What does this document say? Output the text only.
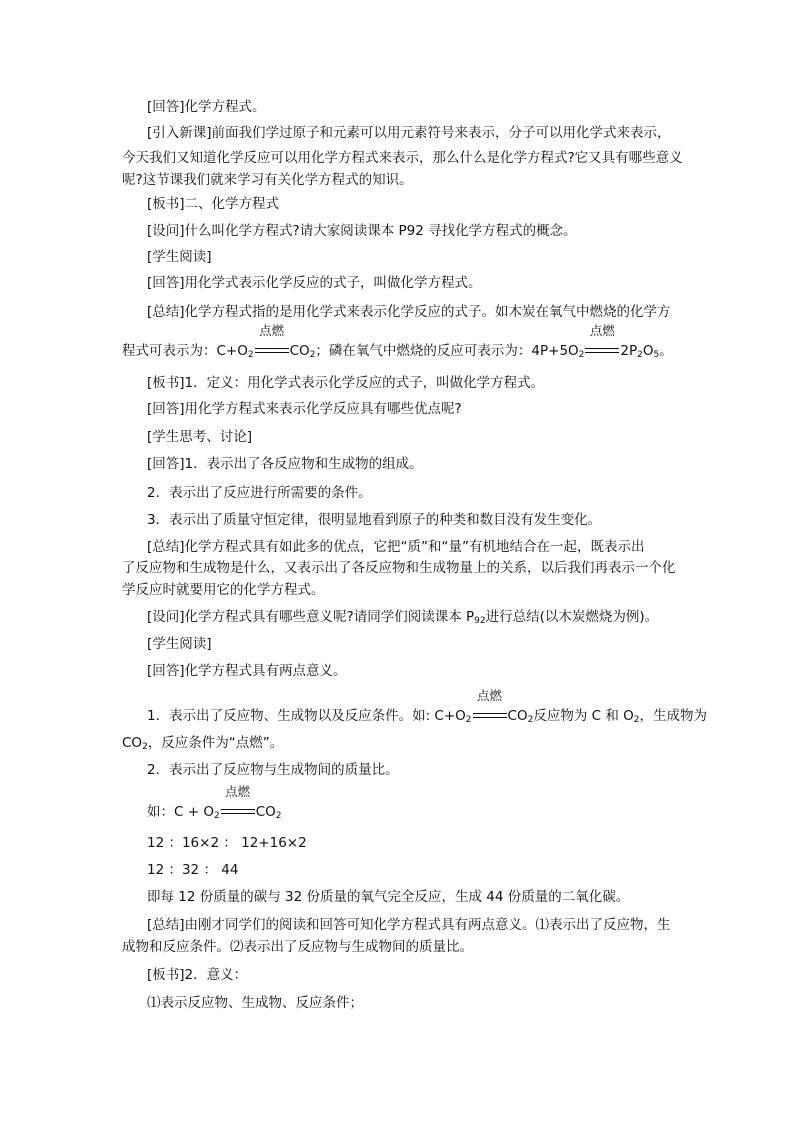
[回答]化学方程式。
[引入新课]前面我们学过原子和元素可以用元素符号来表示，分子可以用化学式来表示，
今天我们又知道化学反应可以用化学方程式来表示，那么什么是化学方程式?它又具有哪些意义
呢?这节课我们就来学习有关化学方程式的知识。
[板书]二、化学方程式
[设问]什么叫化学方程式?请大家阅读课本 P92 寻找化学方程式的概念。
[学生阅读]
[回答]用化学式表示化学反应的式子，叫做化学方程式。
[总结]化学方程式指的是用化学式来表示化学反应的式子。如木炭在氧气中燃烧的化学方
程式可表示为：$C+O_2$
点燃
$CO_2$；磷在氧气中燃烧的反应可表示为：$4P+5O_2$
点燃
$2P_2O_5$。
[板书]1．定义：用化学式表示化学反应的式子，叫做化学方程式。
[回答]用化学方程式来表示化学反应具有哪些优点呢?
[学生思考、讨论]
[回答]1．表示出了各反应物和生成物的组成。
2．表示出了反应进行所需要的条件。
3．表示出了质量守恒定律，很明显地看到原子的种类和数目没有发生变化。
[总结]化学方程式具有如此多的优点，它把“质”和“量”有机地结合在一起，既表示出
了反应物和生成物是什么，又表示出了各反应物和生成物量上的关系，以后我们再表示一个化
学反应时就要用它的化学方程式。
[设问]化学方程式具有哪些意义呢?请同学们阅读课本 $P_{92}$进行总结(以木炭燃烧为例)。
[学生阅读]
[回答]化学方程式具有两点意义。
1．表示出了反应物、生成物以及反应条件。如: $C+O_2$
点燃
$CO_2$反应物为 C 和 $O_2$，生成物为
$CO_2$，反应条件为“点燃”。
2．表示出了反应物与生成物间的质量比。
如：$C + O_2$
点燃
$CO_2$
12 ：16×2 ： 12+16×2
12 ：32 ： 44
即每 12 份质量的碳与 32 份质量的氧气完全反应，生成 44 份质量的二氧化碳。
[总结]由刚才同学们的阅读和回答可知化学方程式具有两点意义。⑴表示出了反应物，生
成物和反应条件。⑵表示出了反应物与生成物间的质量比。
[板书]2．意义：
⑴表示反应物、生成物、反应条件；
